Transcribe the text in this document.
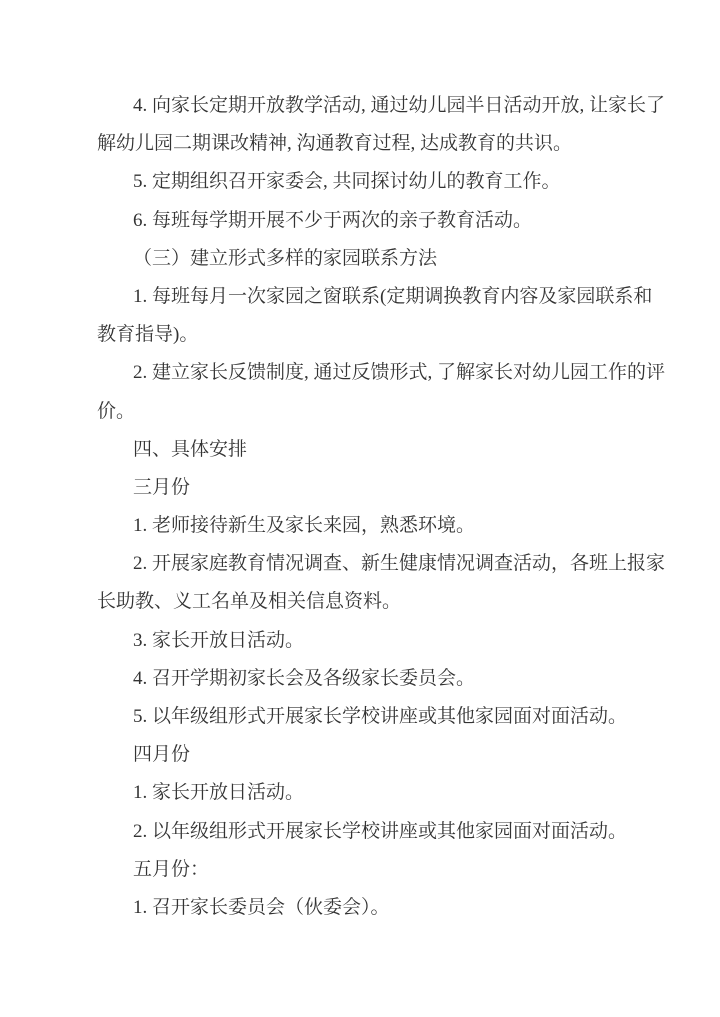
4. 向家长定期开放教学活动, 通过幼儿园半日活动开放, 让家长了
解幼儿园二期课改精神, 沟通教育过程, 达成教育的共识。
5. 定期组织召开家委会, 共同探讨幼儿的教育工作。
6. 每班每学期开展不少于两次的亲子教育活动。
（三）建立形式多样的家园联系方法
1. 每班每月一次家园之窗联系(定期调换教育内容及家园联系和
教育指导)。
2. 建立家长反馈制度, 通过反馈形式, 了解家长对幼儿园工作的评
价。
四、具体安排
三月份
1. 老师接待新生及家长来园，熟悉环境。
2. 开展家庭教育情况调查、新生健康情况调查活动，各班上报家
长助教、义工名单及相关信息资料。
3. 家长开放日活动。
4. 召开学期初家长会及各级家长委员会。
5. 以年级组形式开展家长学校讲座或其他家园面对面活动。
四月份
1. 家长开放日活动。
2. 以年级组形式开展家长学校讲座或其他家园面对面活动。
五月份：
1. 召开家长委员会（伙委会）。
